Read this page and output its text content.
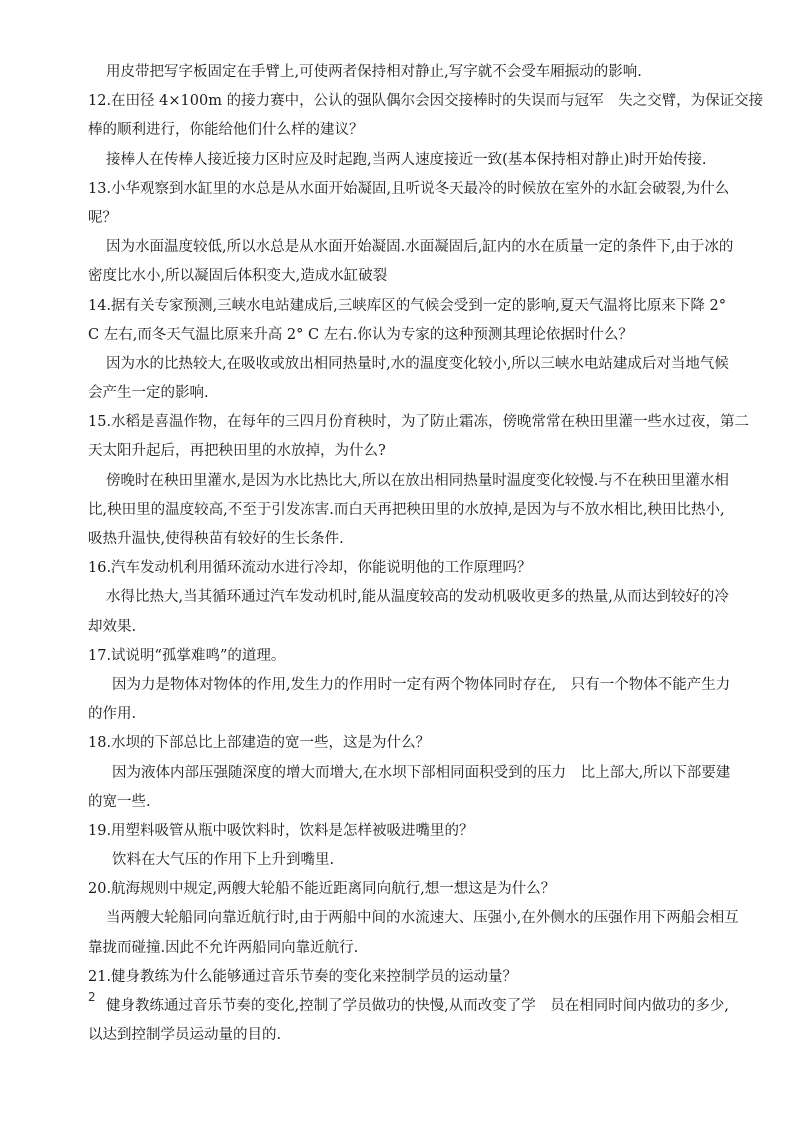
用皮带把写字板固定在手臂上,可使两者保持相对静止,写字就不会受车厢振动的影响.
12.在田径 4×100m 的接力赛中，公认的强队偶尔会因交接棒时的失误而与冠军　失之交臂，为保证交接
棒的顺利进行，你能给他们什么样的建议？
接棒人在传棒人接近接力区时应及时起跑,当两人速度接近一致(基本保持相对静止)时开始传接.
13.小华观察到水缸里的水总是从水面开始凝固,且听说冬天最冷的时候放在室外的水缸会破裂,为什么
呢？
因为水面温度较低,所以水总是从水面开始凝固.水面凝固后,缸内的水在质量一定的条件下,由于冰的
密度比水小,所以凝固后体积变大,造成水缸破裂
14.据有关专家预测,三峡水电站建成后,三峡库区的气候会受到一定的影响,夏天气温将比原来下降 2°
C 左右,而冬天气温比原来升高 2° C 左右.你认为专家的这种预测其理论依据时什么？
因为水的比热较大,在吸收或放出相同热量时,水的温度变化较小,所以三峡水电站建成后对当地气候
会产生一定的影响.
15.水稻是喜温作物，在每年的三四月份育秧时，为了防止霜冻，傍晚常常在秧田里灌一些水过夜，第二
天太阳升起后，再把秧田里的水放掉，为什么?
傍晚时在秧田里灌水,是因为水比热比大,所以在放出相同热量时温度变化较慢.与不在秧田里灌水相
比,秧田里的温度较高,不至于引发冻害.而白天再把秧田里的水放掉,是因为与不放水相比,秧田比热小,
吸热升温快,使得秧苗有较好的生长条件.
16.汽车发动机利用循环流动水进行冷却，你能说明他的工作原理吗？
水得比热大,当其循环通过汽车发动机时,能从温度较高的发动机吸收更多的热量,从而达到较好的冷
却效果.
17.试说明“孤掌难鸣”的道理。
因为力是物体对物体的作用,发生力的作用时一定有两个物体同时存在,　只有一个物体不能产生力
的作用.
18.水坝的下部总比上部建造的宽一些，这是为什么？
因为液体内部压强随深度的增大而增大,在水坝下部相同面积受到的压力　比上部大,所以下部要建
的宽一些.
19.用塑料吸管从瓶中吸饮料时，饮料是怎样被吸进嘴里的？
饮料在大气压的作用下上升到嘴里.
20.航海规则中规定,两艘大轮船不能近距离同向航行,想一想这是为什么？
当两艘大轮船同向靠近航行时,由于两船中间的水流速大、压强小,在外侧水的压强作用下两船会相互
靠拢而碰撞.因此不允许两船同向靠近航行.
21.健身教练为什么能够通过音乐节奏的变化来控制学员的运动量？
健身教练通过音乐节奏的变化,控制了学员做功的快慢,从而改变了学　员在相同时间内做功的多少,
以达到控制学员运动量的目的.
2
